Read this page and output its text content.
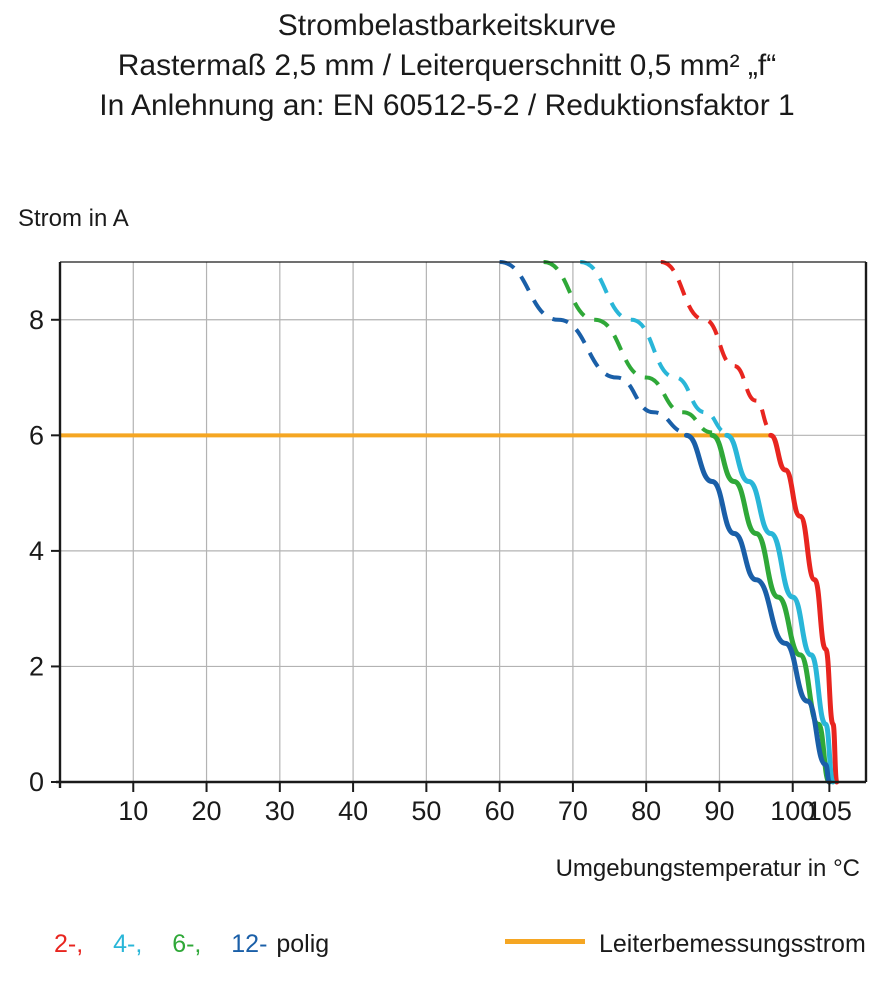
Strombelastbarkeitskurve
Rastermaß 2,5 mm / Leiterquerschnitt 0,5 mm² „f“
In Anlehnung an: EN 60512-5-2 / Reduktionsfaktor 1
Strom in A
0
2
4
6
8
10 20 30 40 50 60 70 80 90 100
105
Umgebungstemperatur in °C
2-, 4-, 6-, 12- polig	Leiterbemessungsstrom
